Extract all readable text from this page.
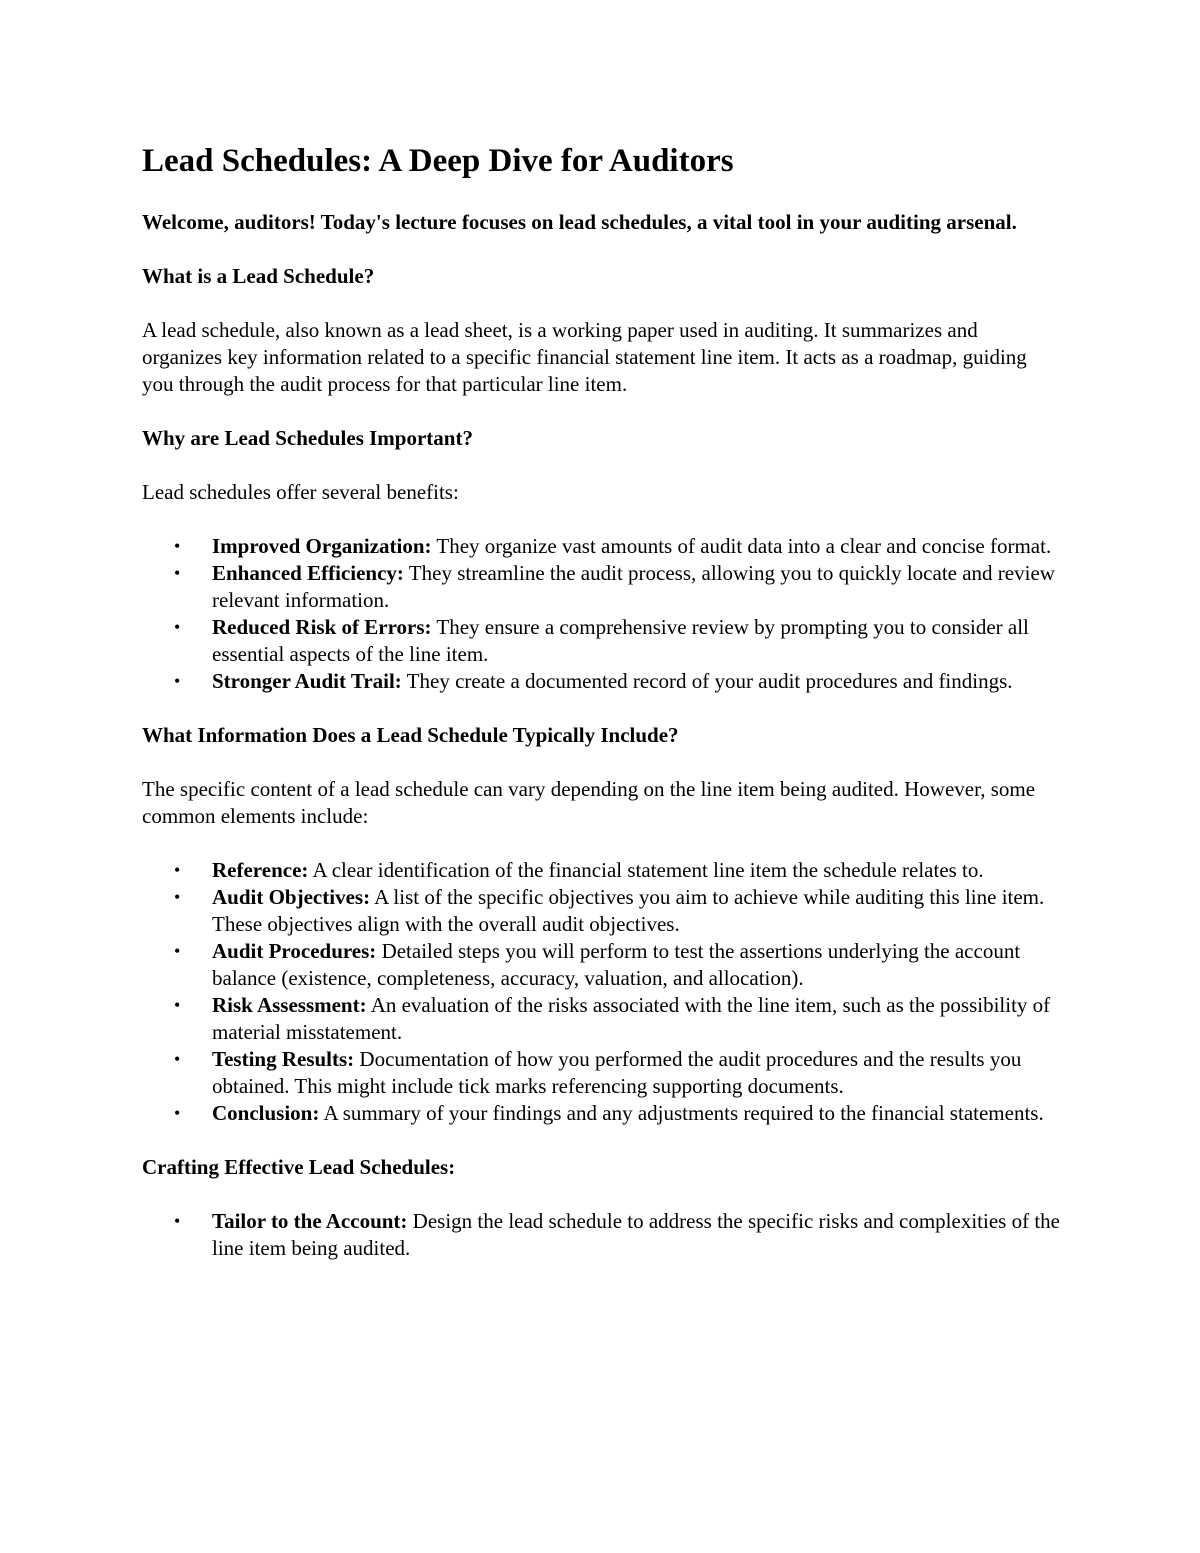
Lead Schedules: A Deep Dive for Auditors
Welcome, auditors! Today's lecture focuses on lead schedules, a vital tool in your auditing arsenal.
What is a Lead Schedule?

A lead schedule, also known as a lead sheet, is a working paper used in auditing. It summarizes and organizes key information related to a specific financial statement line item. It acts as a roadmap, guiding you through the audit process for that particular line item.

Why are Lead Schedules Important?

Lead schedules offer several benefits:

• Improved Organization: They organize vast amounts of audit data into a clear and concise format.
• Enhanced Efficiency: They streamline the audit process, allowing you to quickly locate and review relevant information.
• Reduced Risk of Errors: They ensure a comprehensive review by prompting you to consider all essential aspects of the line item.
• Stronger Audit Trail: They create a documented record of your audit procedures and findings.
What Information Does a Lead Schedule Typically Include?

The specific content of a lead schedule can vary depending on the line item being audited. However, some common elements include:

• Reference: A clear identification of the financial statement line item the schedule relates to.
• Audit Objectives: A list of the specific objectives you aim to achieve while auditing this line item. These objectives align with the overall audit objectives.
• Audit Procedures: Detailed steps you will perform to test the assertions underlying the account balance (existence, completeness, accuracy, valuation, and allocation).
• Risk Assessment: An evaluation of the risks associated with the line item, such as the possibility of material misstatement.
• Testing Results: Documentation of how you performed the audit procedures and the results you obtained. This might include tick marks referencing supporting documents.
• Conclusion: A summary of your findings and any adjustments required to the financial statements.
Crafting Effective Lead Schedules:
• Tailor to the Account: Design the lead schedule to address the specific risks and complexities of the line item being audited.
